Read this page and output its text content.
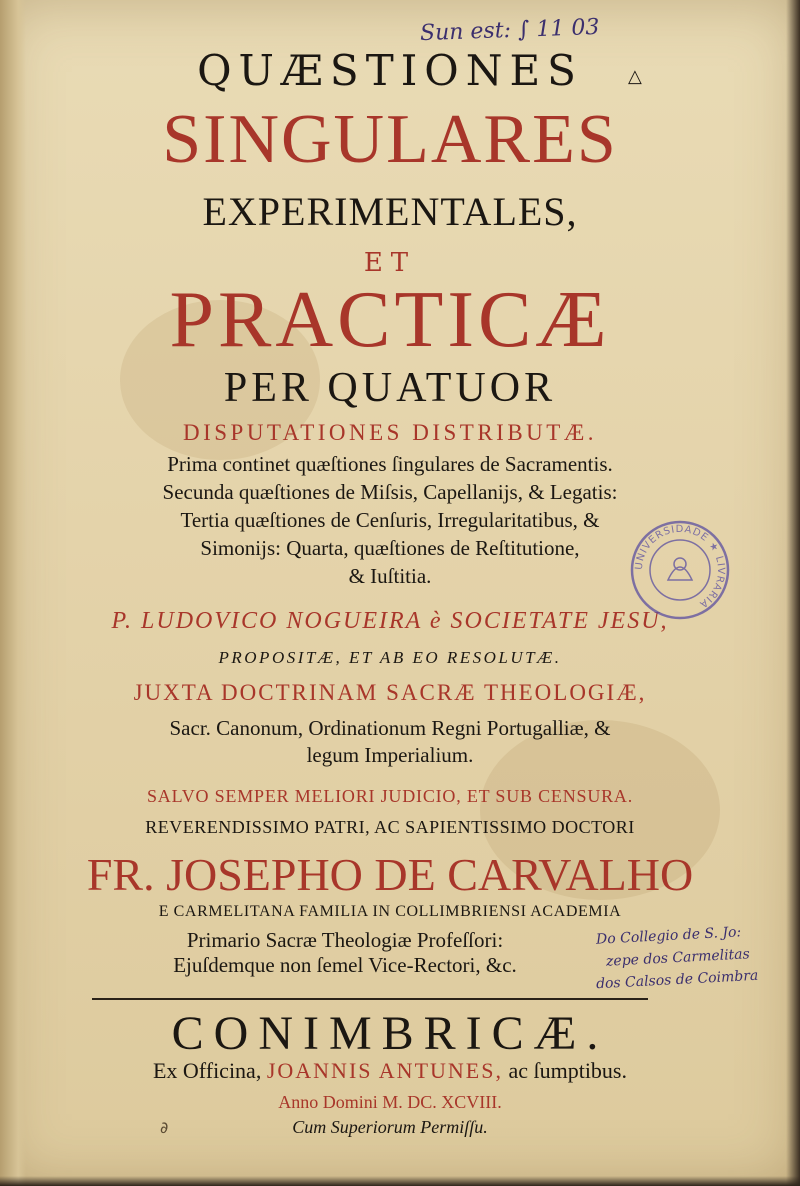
Sun est: ∫ 11 03
△
QUÆSTIONES
SINGULARES
EXPERIMENTALES,
ET
PRACTICÆ
PER QUATUOR
DISPUTATIONES DISTRIBUTÆ.
Prima continet quæſtiones ſingulares de Sacramentis.
Secunda quæſtiones de Miſsis, Capellanijs, & Legatis:
Tertia quæſtiones de Cenſuris, Irregularitatibus, &
Simonijs: Quarta, quæſtiones de Reſtitutione,
& Iuſtitia.
P. LUDOVICO NOGUEIRA è SOCIETATE JESU,
PROPOSITÆ, ET AB EO RESOLUTÆ.
JUXTA DOCTRINAM SACRÆ THEOLOGIÆ,
Sacr. Canonum, Ordinationum Regni Portugalliæ, &
legum Imperialium.
SALVO SEMPER MELIORI JUDICIO, ET SUB CENSURA.
REVERENDISSIMO PATRI, AC SAPIENTISSIMO DOCTORI
FR. JOSEPHO DE CARVALHO
E CARMELITANA FAMILIA IN COLLIMBRIENSI ACADEMIA
Primario Sacræ Theologiæ Profeſſori:
Ejuſdemque non ſemel Vice-Rectori, &c.
CONIMBRICÆ.
Ex Officina, JOANNIS ANTUNES, ac ſumptibus.
Anno Domini M. DC. XCVIII.
Cum Superiorum Permiſſu.
Do Collegio de S. Jo:
zepe dos Carmelitas
dos Calsos de Coimbra
UNIVERSIDADE ★ LIVRARIA
∂
